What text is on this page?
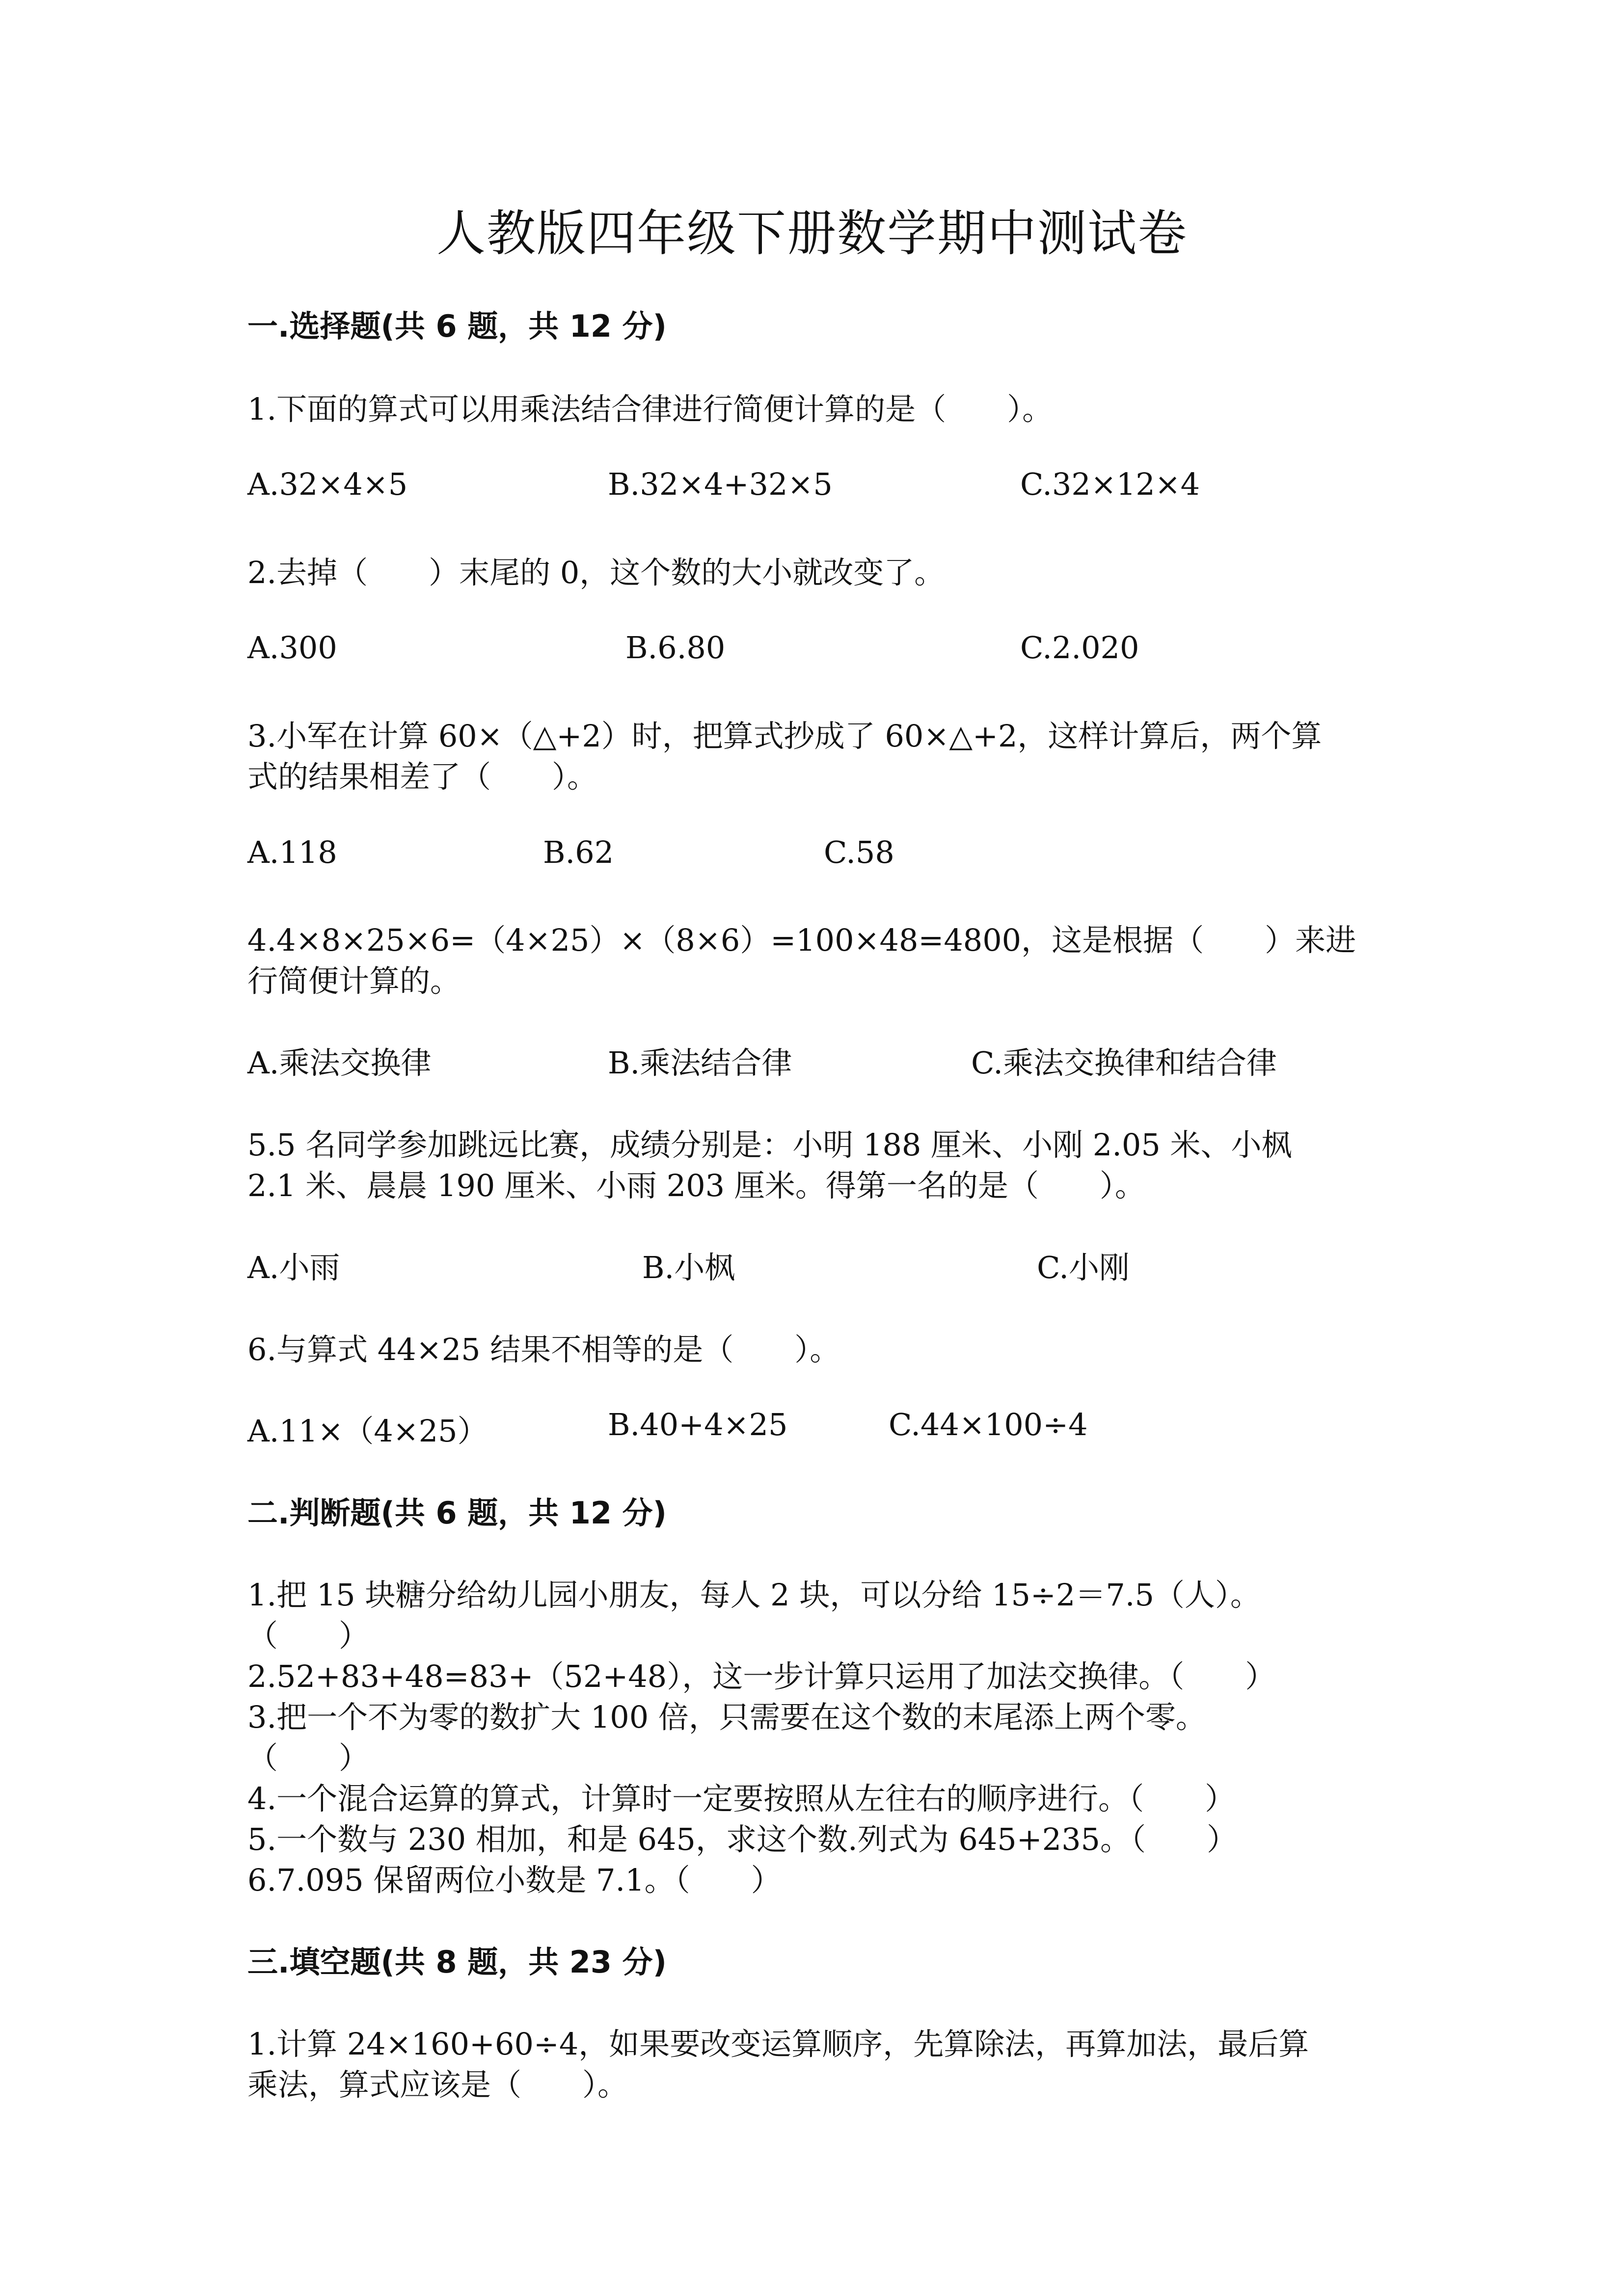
人教版四年级下册数学期中测试卷
一.选择题(共 6 题，共 12 分)
1.下面的算式可以用乘法结合律进行简便计算的是（　　）。
A.32×4×5	B.32×4+32×5	C.32×12×4
2.去掉（　　）末尾的 0，这个数的大小就改变了。
A.300	B.6.80	C.2.020
3.小军在计算 60×（△+2）时，把算式抄成了 60×△+2，这样计算后，两个算
式的结果相差了（　　）。
A.118	B.62	C.58
4.4×8×25×6=（4×25）×（8×6）=100×48=4800，这是根据（　　）来进
行简便计算的。
A.乘法交换律	B.乘法结合律	C.乘法交换律和结合律
5.5 名同学参加跳远比赛，成绩分别是：小明 188 厘米、小刚 2.05 米、小枫
2.1 米、晨晨 190 厘米、小雨 203 厘米。得第一名的是（　　）。
A.小雨	B.小枫	C.小刚
6.与算式 44×25 结果不相等的是（　　）。
A.11×（4×25）	B.40+4×25	C.44×100÷4
二.判断题(共 6 题，共 12 分)
1.把 15 块糖分给幼儿园小朋友，每人 2 块，可以分给 15÷2＝7.5（人）。
（　　）
2.52+83+48=83+（52+48），这一步计算只运用了加法交换律。（　　）
3.把一个不为零的数扩大 100 倍，只需要在这个数的末尾添上两个零。
（　　）
4.一个混合运算的算式，计算时一定要按照从左往右的顺序进行。（　　）
5.一个数与 230 相加，和是 645，求这个数.列式为 645+235。（　　）
6.7.095 保留两位小数是 7.1。（　　）
三.填空题(共 8 题，共 23 分)
1.计算 24×160+60÷4，如果要改变运算顺序，先算除法，再算加法，最后算
乘法，算式应该是（　　）。
